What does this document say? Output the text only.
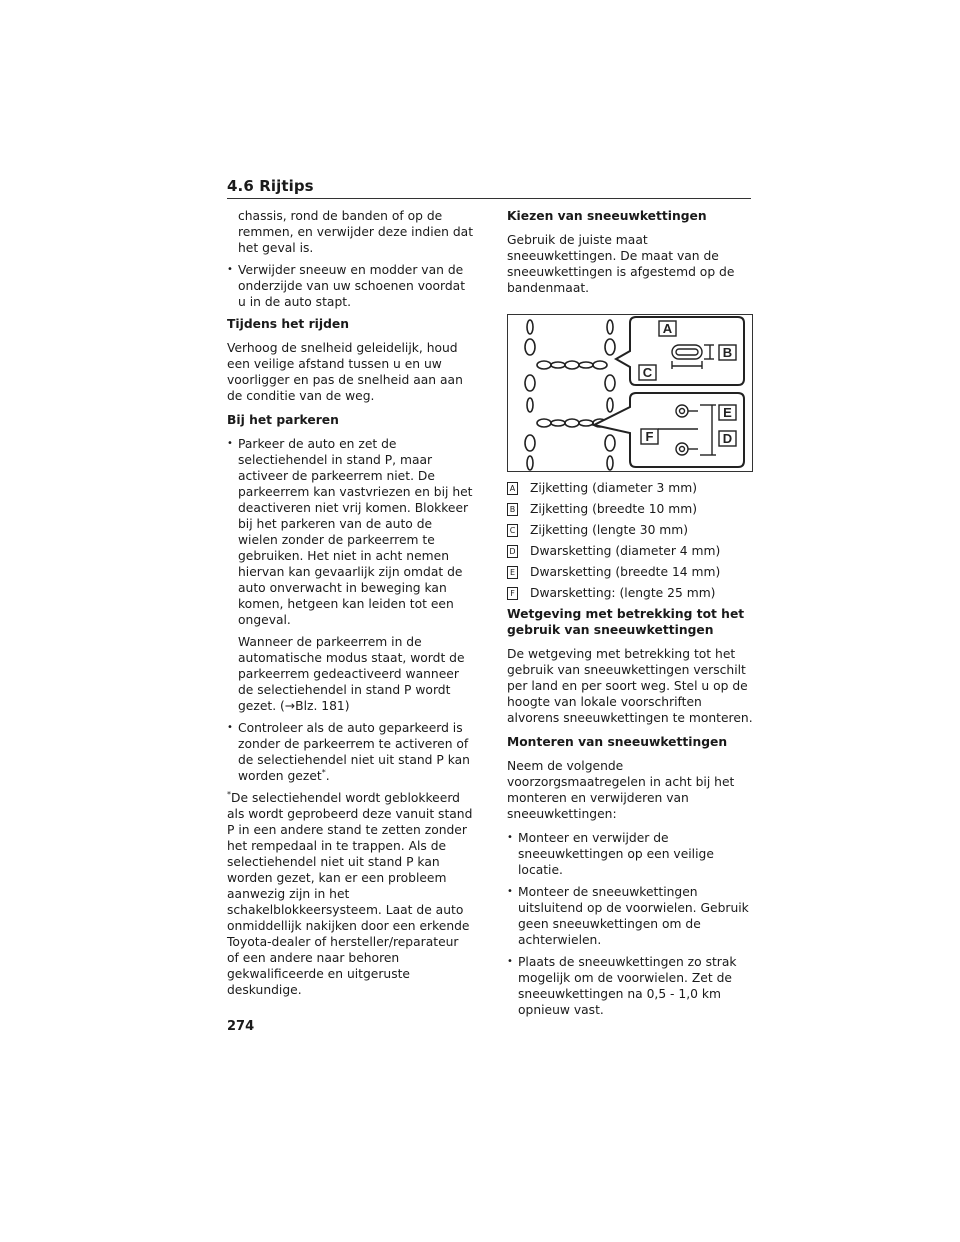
4.6 Rijtips

chassis, rond de banden of op de remmen, en verwijder deze indien dat het geval is.

• Verwijder sneeuw en modder van de onderzijde van uw schoenen voordat u in de auto stapt.

Tijdens het rijden

Verhoog de snelheid geleidelijk, houd een veilige afstand tussen u en uw voorligger en pas de snelheid aan aan de conditie van de weg.

Bij het parkeren

• Parkeer de auto en zet de selectiehendel in stand P, maar activeer de parkeerrem niet. De parkeerrem kan vastvriezen en bij het deactiveren niet vrij komen. Blokkeer bij het parkeren van de auto de wielen zonder de parkeerrem te gebruiken. Het niet in acht nemen hiervan kan gevaarlijk zijn omdat de auto onverwacht in beweging kan komen, hetgeen kan leiden tot een ongeval.

Wanneer de parkeerrem in de automatische modus staat, wordt de parkeerrem gedeactiveerd wanneer de selectiehendel in stand P wordt gezet. (→Blz. 181)

• Controleer als de auto geparkeerd is zonder de parkeerrem te activeren of de selectiehendel niet uit stand P kan worden gezet*.

*De selectiehendel wordt geblokkeerd als wordt geprobeerd deze vanuit stand P in een andere stand te zetten zonder het rempedaal in te trappen. Als de selectiehendel niet uit stand P kan worden gezet, kan er een probleem aanwezig zijn in het schakelblokkeersysteem. Laat de auto onmiddellijk nakijken door een erkende Toyota-dealer of hersteller/reparateur of een andere naar behoren gekwalificeerde en uitgeruste deskundige.

Kiezen van sneeuwkettingen

Gebruik de juiste maat sneeuwkettingen. De maat van de sneeuwkettingen is afgestemd op de bandenmaat.

A
B
C
E
F	D
A Zijketting (diameter 3 mm)
B Zijketting (breedte 10 mm)
C Zijketting (lengte 30 mm)
D Dwarsketting (diameter 4 mm)
E Dwarsketting (breedte 14 mm)
F Dwarsketting: (lengte 25 mm)

Wetgeving met betrekking tot het gebruik van sneeuwkettingen

De wetgeving met betrekking tot het gebruik van sneeuwkettingen verschilt per land en per soort weg. Stel u op de hoogte van lokale voorschriften alvorens sneeuwkettingen te monteren.

Monteren van sneeuwkettingen

Neem de volgende voorzorgsmaatregelen in acht bij het monteren en verwijderen van sneeuwkettingen:

• Monteer en verwijder de sneeuwkettingen op een veilige locatie.

• Monteer de sneeuwkettingen uitsluitend op de voorwielen. Gebruik geen sneeuwkettingen om de achterwielen.

• Plaats de sneeuwkettingen zo strak mogelijk om de voorwielen. Zet de sneeuwkettingen na 0,5 - 1,0 km opnieuw vast.

274
